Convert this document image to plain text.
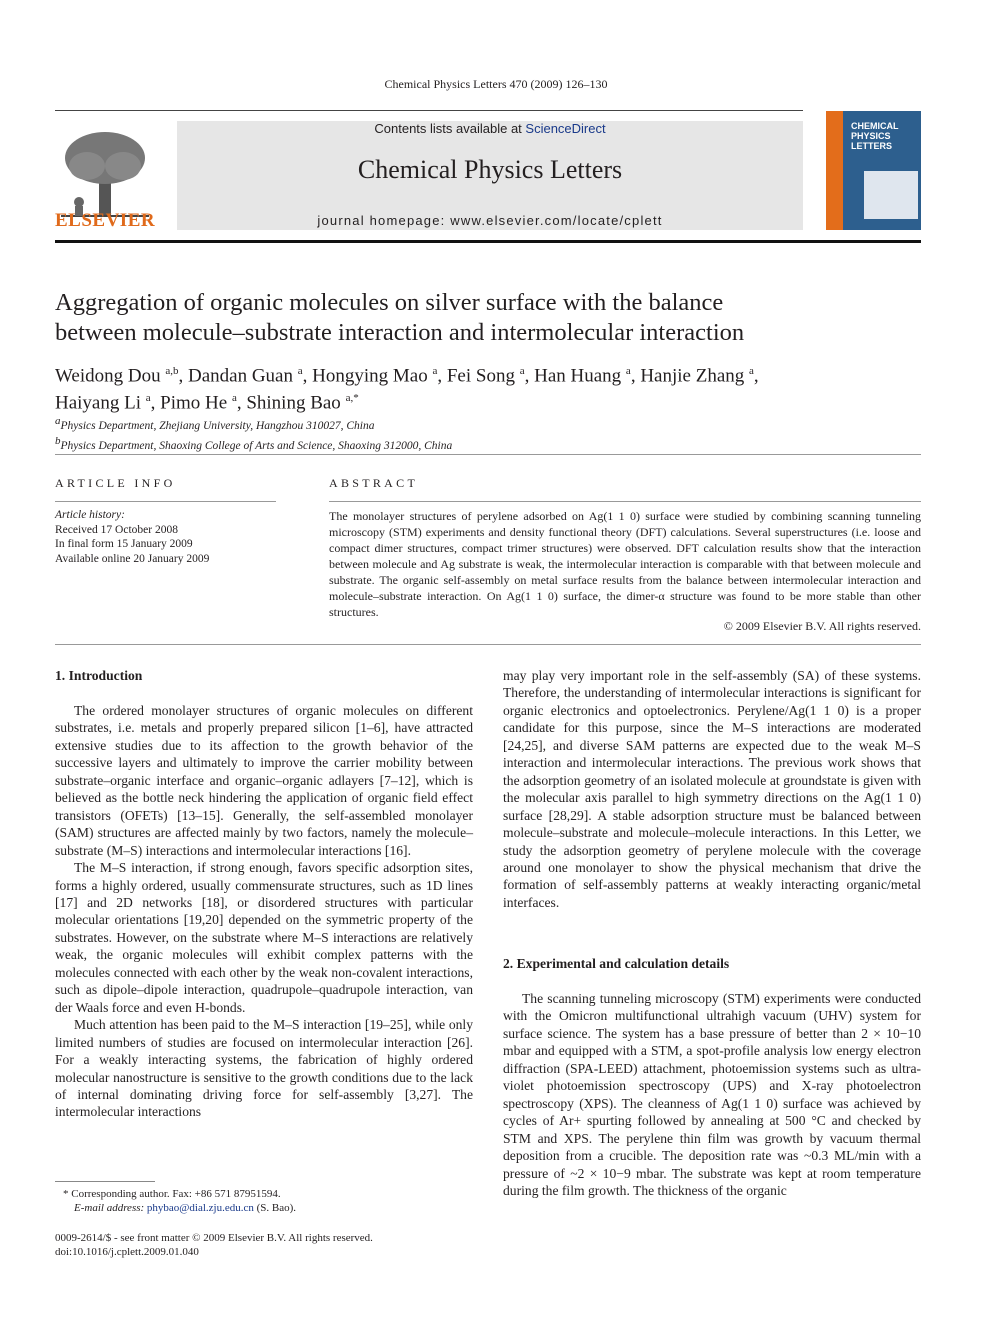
Chemical Physics Letters 470 (2009) 126–130
Contents lists available at ScienceDirect
Chemical Physics Letters
journal homepage: www.elsevier.com/locate/cplett
ELSEVIER
CHEMICAL
PHYSICS
LETTERS
Aggregation of organic molecules on silver surface with the balance
between molecule–substrate interaction and intermolecular interaction
Weidong Dou $^{a,b}$, Dandan Guan $^a$, Hongying Mao $^a$, Fei Song $^a$, Han Huang $^a$, Hanjie Zhang $^a$,
Haiyang Li $^a$, Pimo He $^a$, Shining Bao $^{a,*}$
$^a$Physics Department, Zhejiang University, Hangzhou 310027, China
$^b$Physics Department, Shaoxing College of Arts and Science, Shaoxing 312000, China
ARTICLE INFO
Article history:
Received 17 October 2008
In final form 15 January 2009
Available online 20 January 2009
ABSTRACT
The monolayer structures of perylene adsorbed on Ag(1 1 0) surface were studied by combining scanning tunneling microscopy (STM) experiments and density functional theory (DFT) calculations. Several superstructures (i.e. loose and compact dimer structures, compact trimer structures) were observed. DFT calculation results show that the interaction between molecule and Ag substrate is weak, the intermolecular interaction is comparable with that between molecule and substrate. The organic self-assembly on metal surface results from the balance between intermolecular interaction and molecule–substrate interaction. On Ag(1 1 0) surface, the dimer-α structure was found to be more stable than other structures.
© 2009 Elsevier B.V. All rights reserved.
1. Introduction

The ordered monolayer structures of organic molecules on different substrates, i.e. metals and properly prepared silicon [1–6], have attracted extensive studies due to its affection to the growth behavior of the successive layers and ultimately to improve the carrier mobility between substrate–organic interface and organic–organic adlayers [7–12], which is believed as the bottle neck hindering the application of organic field effect transistors (OFETs) [13–15]. Generally, the self-assembled monolayer (SAM) structures are affected mainly by two factors, namely the molecule–substrate (M–S) interactions and intermolecular interactions [16].

The M–S interaction, if strong enough, favors specific adsorption sites, forms a highly ordered, usually commensurate structures, such as 1D lines [17] and 2D networks [18], or disordered structures with particular molecular orientations [19,20] depended on the symmetric property of the substrates. However, on the substrate where M–S interactions are relatively weak, the organic molecules will exhibit complex patterns with the molecules connected with each other by the weak non-covalent interactions, such as dipole–dipole interaction, quadrupole–quadrupole interaction, van der Waals force and even H-bonds.

Much attention has been paid to the M–S interaction [19–25], while only limited numbers of studies are focused on intermolecular interaction [26]. For a weakly interacting systems, the fabrication of highly ordered molecular nanostructure is sensitive to the growth conditions due to the lack of internal dominating driving force for self-assembly [3,27]. The intermolecular interactions

may play very important role in the self-assembly (SA) of these systems. Therefore, the understanding of intermolecular interactions is significant for organic electronics and optoelectronics. Perylene/Ag(1 1 0) is a proper candidate for this purpose, since the M–S interactions are moderated [24,25], and diverse SAM patterns are expected due to the weak M–S interaction and intermolecular interactions. The previous work shows that the adsorption geometry of an isolated molecule at groundstate is given with the molecular axis parallel to high symmetry directions on the Ag(1 1 0) surface [28,29]. A stable adsorption structure must be balanced between molecule–substrate and molecule–molecule interactions. In this Letter, we study the adsorption geometry of perylene molecule with the coverage around one monolayer to show the physical mechanism that drive the formation of self-assembly patterns at weakly interacting organic/metal interfaces.

2. Experimental and calculation details

The scanning tunneling microscopy (STM) experiments were conducted with the Omicron multifunctional ultrahigh vacuum (UHV) system for surface science. The system has a base pressure of better than 2 × 10−10 mbar and equipped with a STM, a spot-profile analysis low energy electron diffraction (SPA-LEED) attachment, photoemission systems such as ultra-violet photoemission spectroscopy (UPS) and X-ray photoelectron spectroscopy (XPS). The cleanness of Ag(1 1 0) surface was achieved by cycles of Ar+ spurting followed by annealing at 500 °C and checked by STM and XPS. The perylene thin film was growth by vacuum thermal deposition from a crucible. The deposition rate was ~0.3 ML/min with a pressure of ~2 × 10−9 mbar. The substrate was kept at room temperature during the film growth. The thickness of the organic

* Corresponding author. Fax: +86 571 87951594.
E-mail address: phybao@dial.zju.edu.cn (S. Bao).
0009-2614/$ - see front matter © 2009 Elsevier B.V. All rights reserved.
doi:10.1016/j.cplett.2009.01.040
